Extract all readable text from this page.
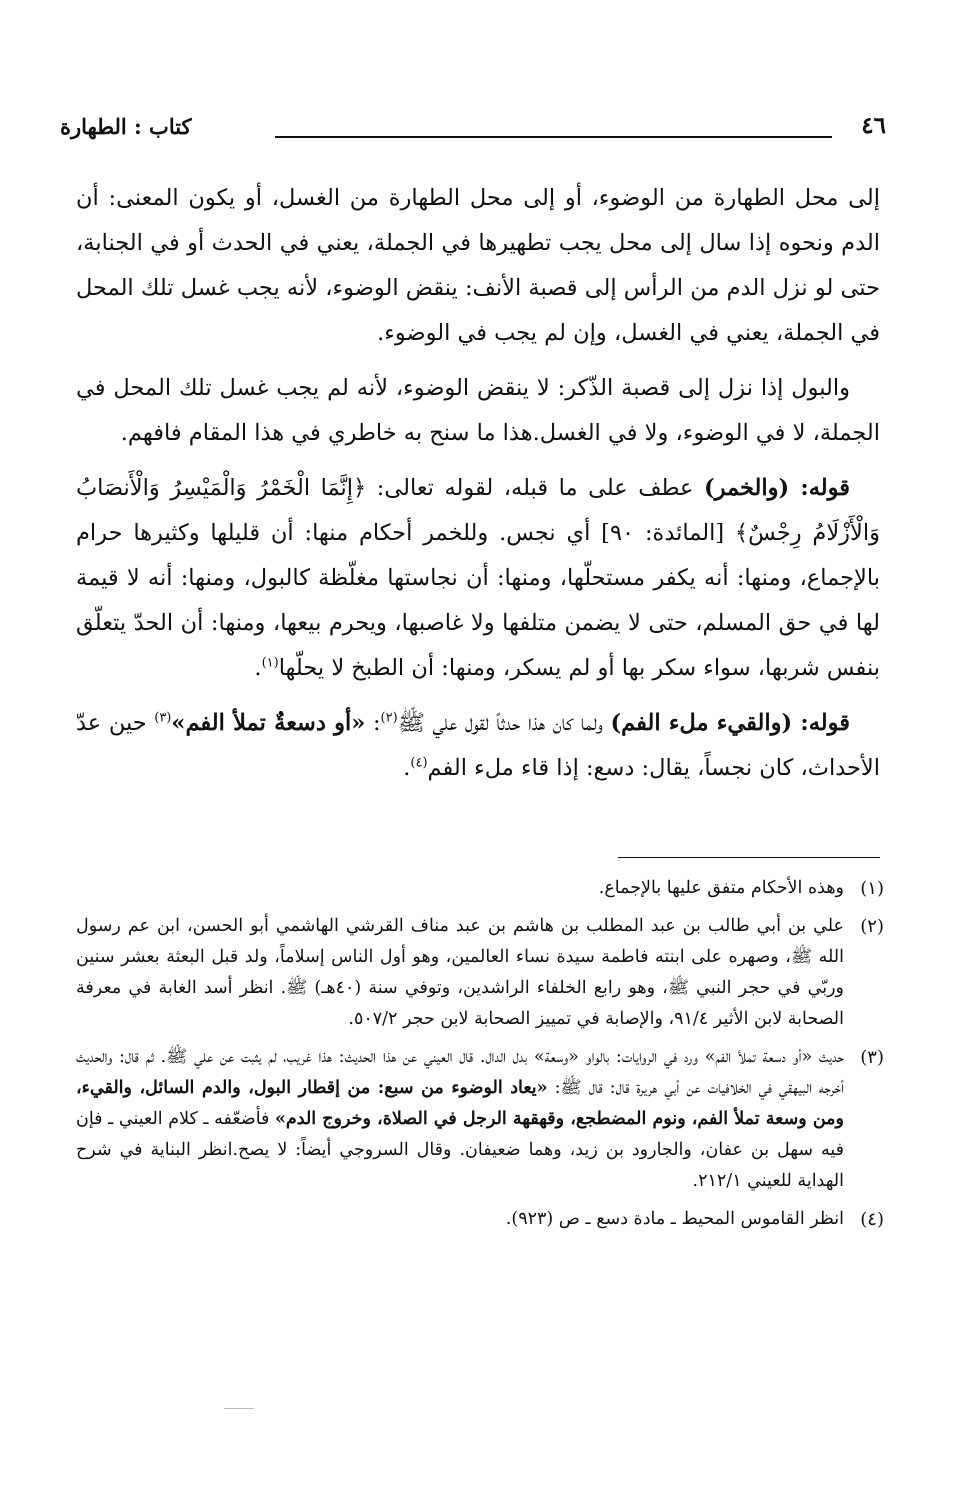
كتاب : الطهارة	٤٦

إلى محل الطهارة من الوضوء، أو إلى محل الطهارة من الغسل، أو يكون المعنى: أن الدم ونحوه إذا سال إلى محل يجب تطهيرها في الجملة، يعني في الحدث أو في الجنابة، حتى لو نزل الدم من الرأس إلى قصبة الأنف: ينقض الوضوء، لأنه يجب غسل تلك المحل في الجملة، يعني في الغسل، وإن لم يجب في الوضوء.

والبول إذا نزل إلى قصبة الذّكر: لا ينقض الوضوء، لأنه لم يجب غسل تلك المحل في الجملة، لا في الوضوء، ولا في الغسل.هذا ما سنح به خاطري في هذا المقام فافهم.

قوله: (والخمر) عطف على ما قبله، لقوله تعالى: ﴿إِنَّمَا الْخَمْرُ وَالْمَيْسِرُ وَالْأَنصَابُ وَالْأَزْلَامُ رِجْسٌ﴾ [المائدة: ٩٠] أي نجس. وللخمر أحكام منها: أن قليلها وكثيرها حرام بالإجماع، ومنها: أنه يكفر مستحلّها، ومنها: أن نجاستها مغلّظة كالبول، ومنها: أنه لا قيمة لها في حق المسلم، حتى لا يضمن متلفها ولا غاصبها، ويحرم بيعها، ومنها: أن الحدّ يتعلّق بنفس شربها، سواء سكر بها أو لم يسكر، ومنها: أن الطبخ لا يحلّها$^{(١)}$.

قوله: (والقيء ملء الفم) ولما كان هذا حدثاً لقول علي ﷺ$^{(٢)}$: «أو دسعةٌ تملأ الفم»$^{(٣)}$ حين عدّ الأحداث، كان نجساً، يقال: دسع: إذا قاء ملء الفم$^{(٤)}$.

(١)
وهذه الأحكام متفق عليها بالإجماع.
(٢)
علي بن أبي طالب بن عبد المطلب بن هاشم بن عبد مناف القرشي الهاشمي أبو الحسن، ابن عم رسول الله ﷺ، وصهره على ابنته فاطمة سيدة نساء العالمين، وهو أول الناس إسلاماً، ولد قبل البعثة بعشر سنين وربّي في حجر النبي ﷺ، وهو رابع الخلفاء الراشدين، وتوفي سنة (٤٠هـ) ﷺ. انظر أسد الغابة في معرفة الصحابة لابن الأثير ٩١/٤، والإصابة في تمييز الصحابة لابن حجر ٥٠٧/٢.
(٣)
حديث «أو دسعة تملأ الفم» ورد في الروايات: بالواو «وسعة» بدل الدال. قال العيني عن هذا الحديث: هذا غريب، لم يثبت عن علي ﷺ. ثم قال: والحديث أخرجه البيهقي في الخلافيات عن أبي هريرة قال: قال ﷺ: «يعاد الوضوء من سبع: من إقطار البول، والدم السائل، والقيء، ومن وسعة تملأ الفم، ونوم المضطجع، وقهقهة الرجل في الصلاة، وخروج الدم» فأضعّفه ـ كلام العيني ـ فإن فيه سهل بن عفان، والجارود بن زيد، وهما ضعيفان. وقال السروجي أيضاً: لا يصح.انظر البناية في شرح الهداية للعيني ٢١٢/١.
(٤)
انظر القاموس المحيط ـ مادة دسع ـ ص (٩٢٣).
